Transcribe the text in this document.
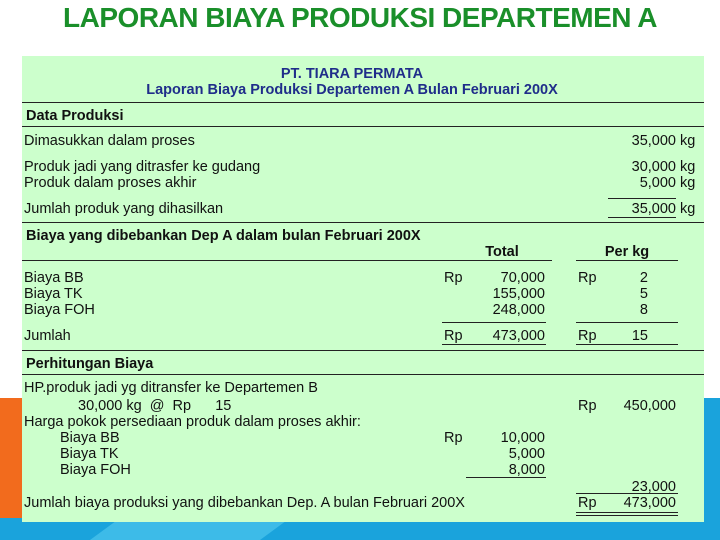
LAPORAN BIAYA PRODUKSI DEPARTEMEN A
PT. TIARA PERMATA
Laporan Biaya Produksi Departemen A Bulan Februari 200X
Data Produksi
Dimasukkan dalam proses	35,000 kg
Produk jadi yang ditrasfer ke gudang	30,000 kg
Produk dalam proses akhir	5,000 kg
Jumlah produk yang dihasilkan	35,000 kg
Biaya yang dibebankan Dep A dalam bulan Februari 200X
Total	Per kg
Biaya BB	Rp	70,000 Rp	2
Biaya TK	155,000	5
Biaya FOH	248,000	8
Jumlah	Rp	473,000 Rp	15
Perhitungan Biaya
HP.produk jadi yg ditransfer ke Departemen B
30,000 kg  @  Rp      15	Rp	450,000
Harga pokok persediaan produk dalam proses akhir:
Biaya BB	Rp	10,000
Biaya TK	5,000
Biaya FOH	8,000
23,000
Jumlah biaya produksi yang dibebankan Dep. A bulan Februari 200X	Rp	473,000
